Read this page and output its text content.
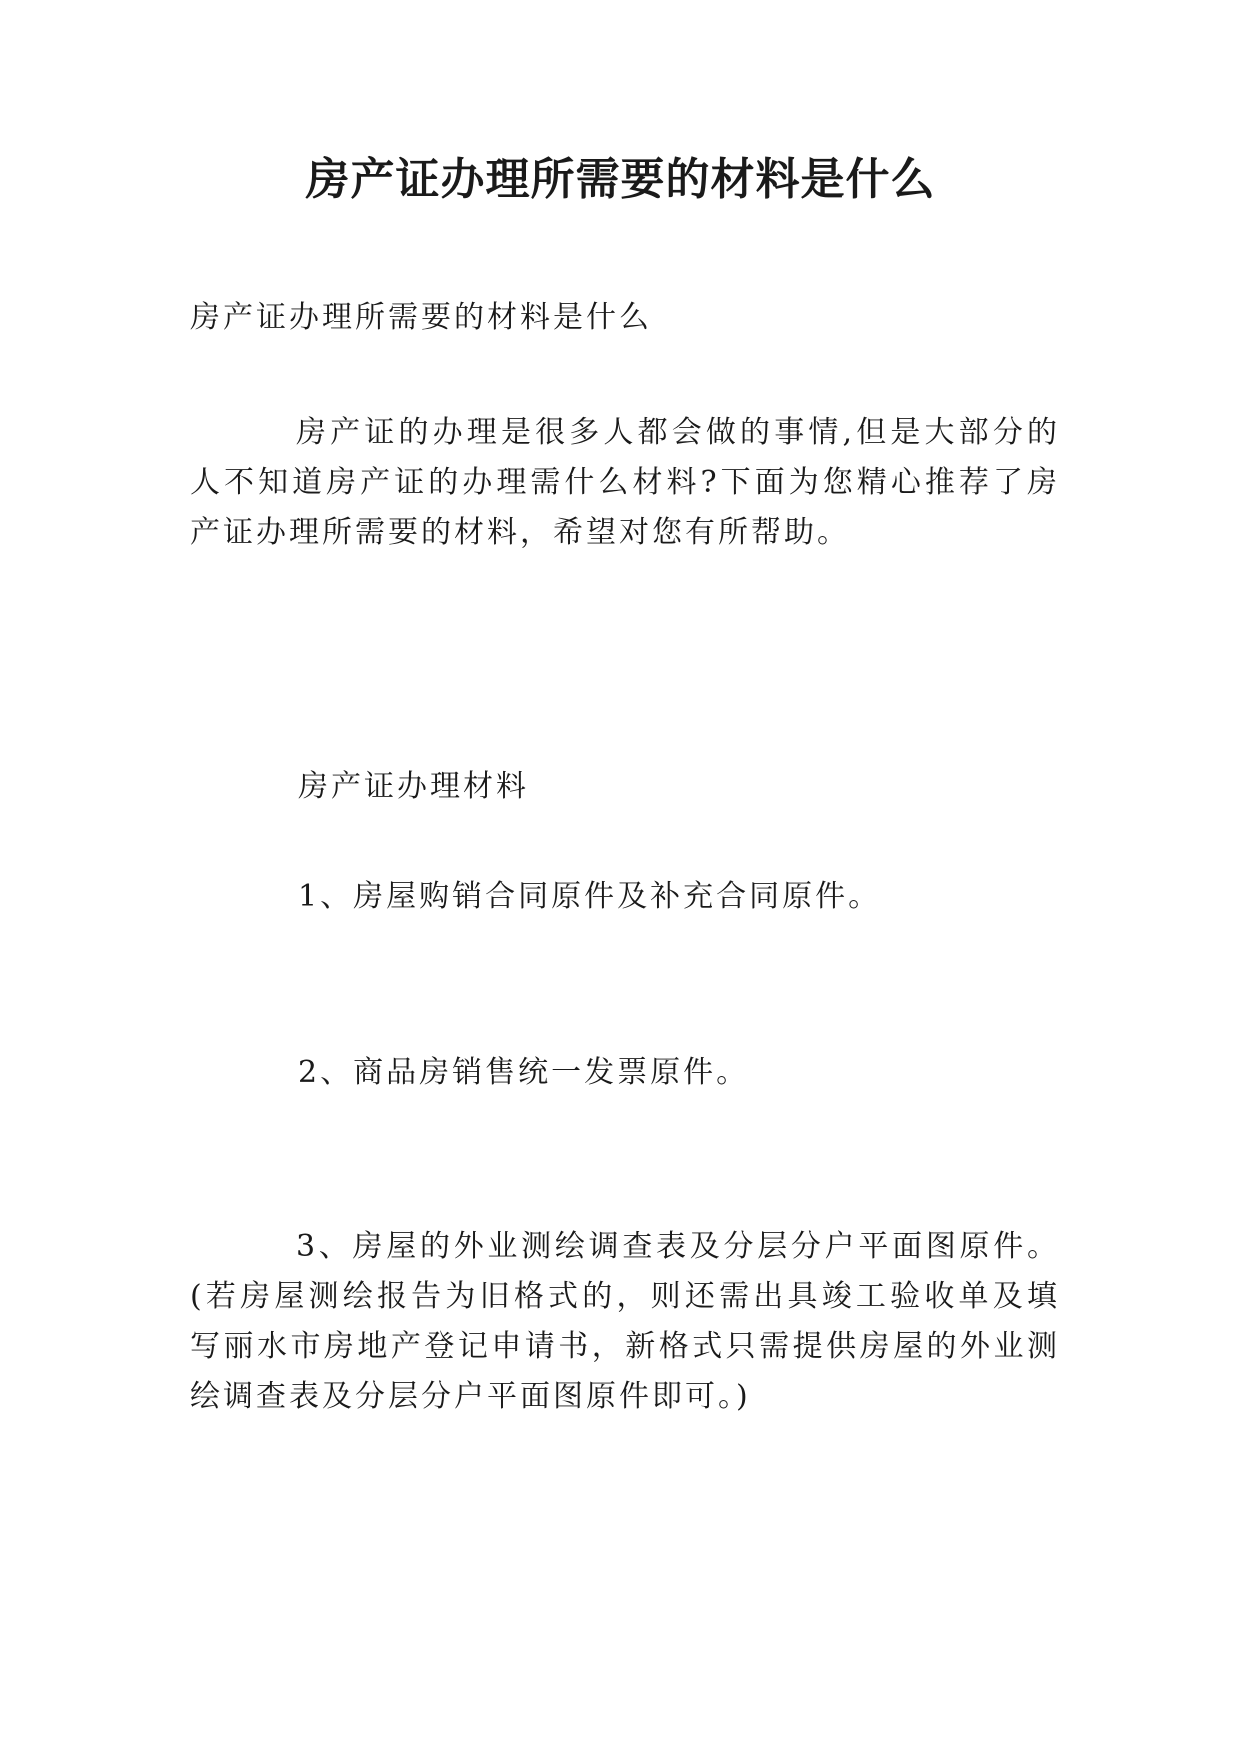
房产证办理所需要的材料是什么

房产证办理所需要的材料是什么

房产证的办理是很多人都会做的事情,但是大部分的人不知道房产证的办理需什么材料?下面为您精心推荐了房产证办理所需要的材料，希望对您有所帮助。

房产证办理材料

1、房屋购销合同原件及补充合同原件。

2、商品房销售统一发票原件。

3、房屋的外业测绘调查表及分层分户平面图原件。(若房屋测绘报告为旧格式的，则还需出具竣工验收单及填写丽水市房地产登记申请书，新格式只需提供房屋的外业测绘调查表及分层分户平面图原件即可。)
